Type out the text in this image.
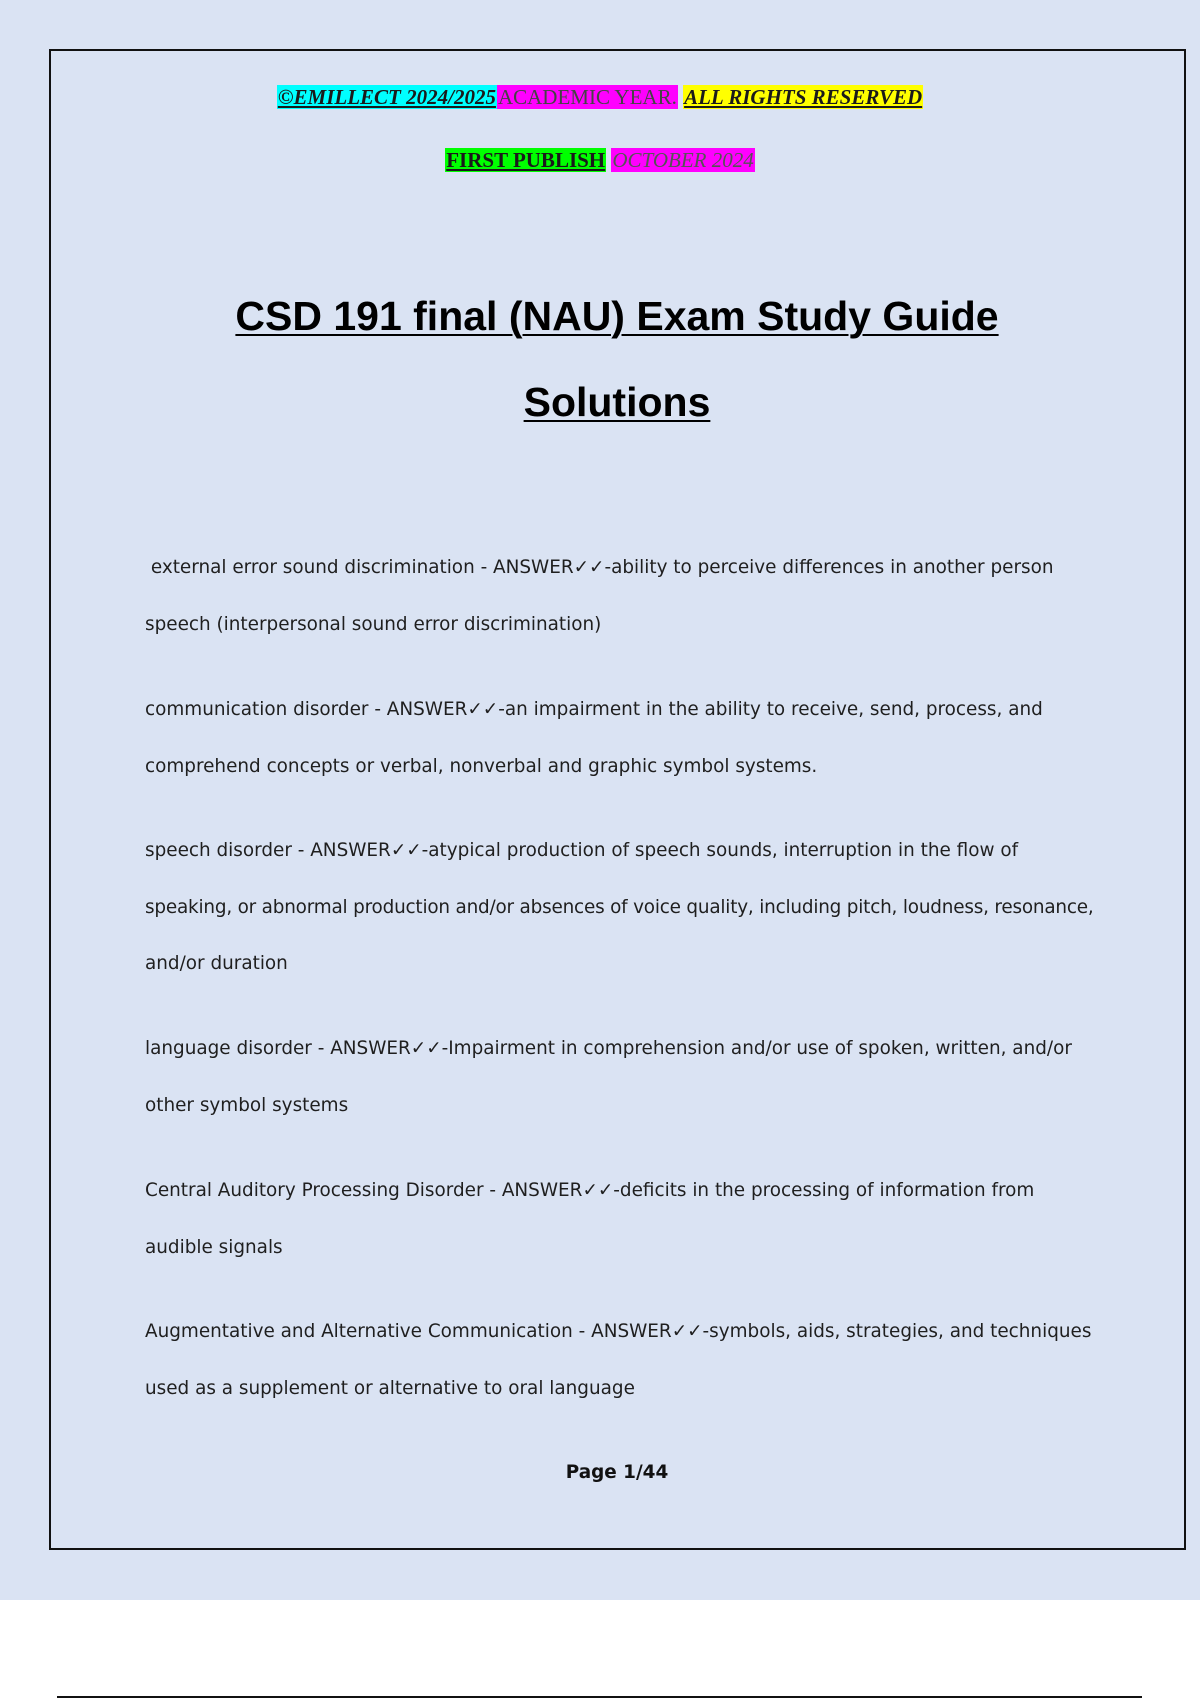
©EMILLECT 2024/2025ACADEMIC YEAR. ALL RIGHTS RESERVED
FIRST PUBLISH OCTOBER 2024
CSD 191 final (NAU) Exam Study Guide
Solutions
external error sound discrimination - ANSWER✓✓-ability to perceive differences in another person
speech (interpersonal sound error discrimination)
communication disorder - ANSWER✓✓-an impairment in the ability to receive, send, process, and
comprehend concepts or verbal, nonverbal and graphic symbol systems.
speech disorder - ANSWER✓✓-atypical production of speech sounds, interruption in the flow of
speaking, or abnormal production and/or absences of voice quality, including pitch, loudness, resonance,
and/or duration
language disorder - ANSWER✓✓-Impairment in comprehension and/or use of spoken, written, and/or
other symbol systems
Central Auditory Processing Disorder - ANSWER✓✓-deficits in the processing of information from
audible signals
Augmentative and Alternative Communication - ANSWER✓✓-symbols, aids, strategies, and techniques
used as a supplement or alternative to oral language
Page 1/44
